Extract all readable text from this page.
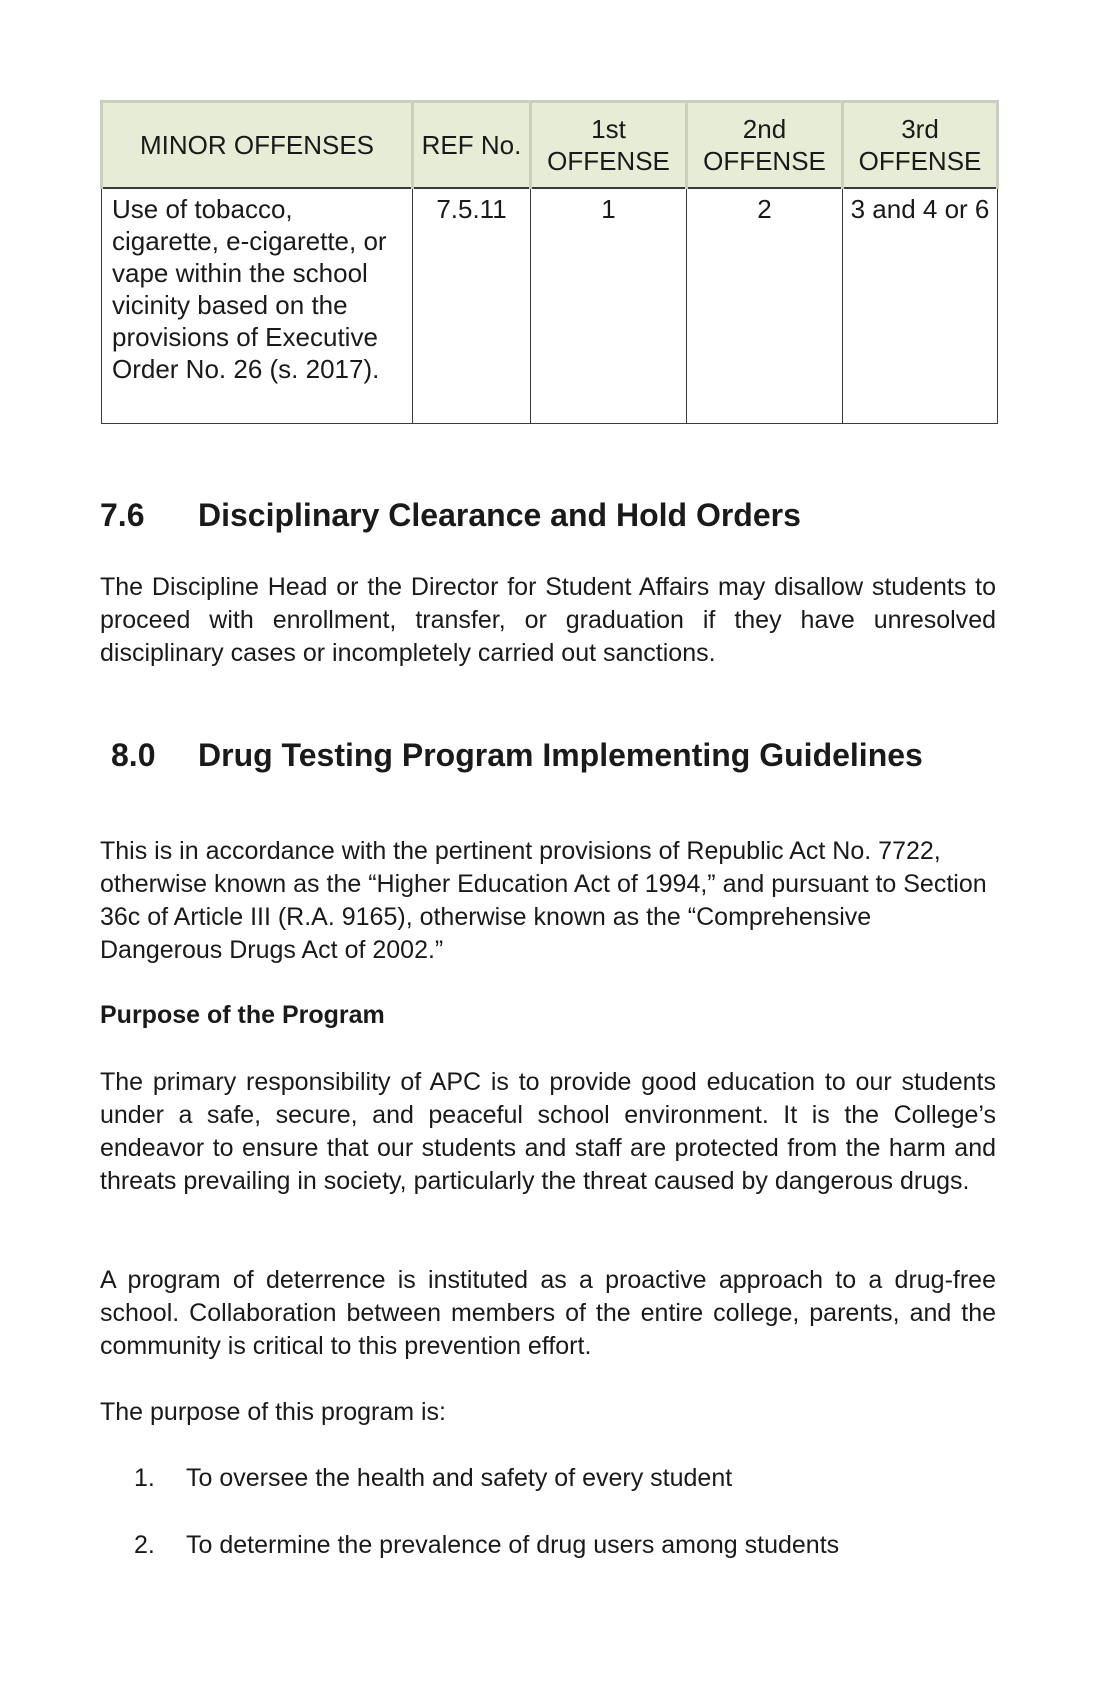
MINOR OFFENSES	REF No.	1st OFFENSE	2nd OFFENSE	3rd OFFENSE
Use of tobacco, cigarette, e-cigarette, or vape within the school vicinity based on the provisions of Executive Order No. 26 (s. 2017).	7.5.11	1	2	3 and 4 or 6
7.6 Disciplinary Clearance and Hold Orders

The Discipline Head or the Director for Student Affairs may disallow students to proceed with enrollment, transfer, or graduation if they have unresolved disciplinary cases or incompletely carried out sanctions.

8.0 Drug Testing Program Implementing Guidelines

This is in accordance with the pertinent provisions of Republic Act No. 7722, otherwise known as the “Higher Education Act of 1994,” and pursuant to Section 36c of Article III (R.A. 9165), otherwise known as the “Comprehensive Dangerous Drugs Act of 2002.”

Purpose of the Program

The primary responsibility of APC is to provide good education to our students under a safe, secure, and peaceful school environment. It is the College’s endeavor to ensure that our students and staff are protected from the harm and threats prevailing in society, particularly the threat caused by dangerous drugs.

A program of deterrence is instituted as a proactive approach to a drug-free school. Collaboration between members of the entire college, parents, and the community is critical to this prevention effort.

The purpose of this program is:

1. To oversee the health and safety of every student

2. To determine the prevalence of drug users among students
